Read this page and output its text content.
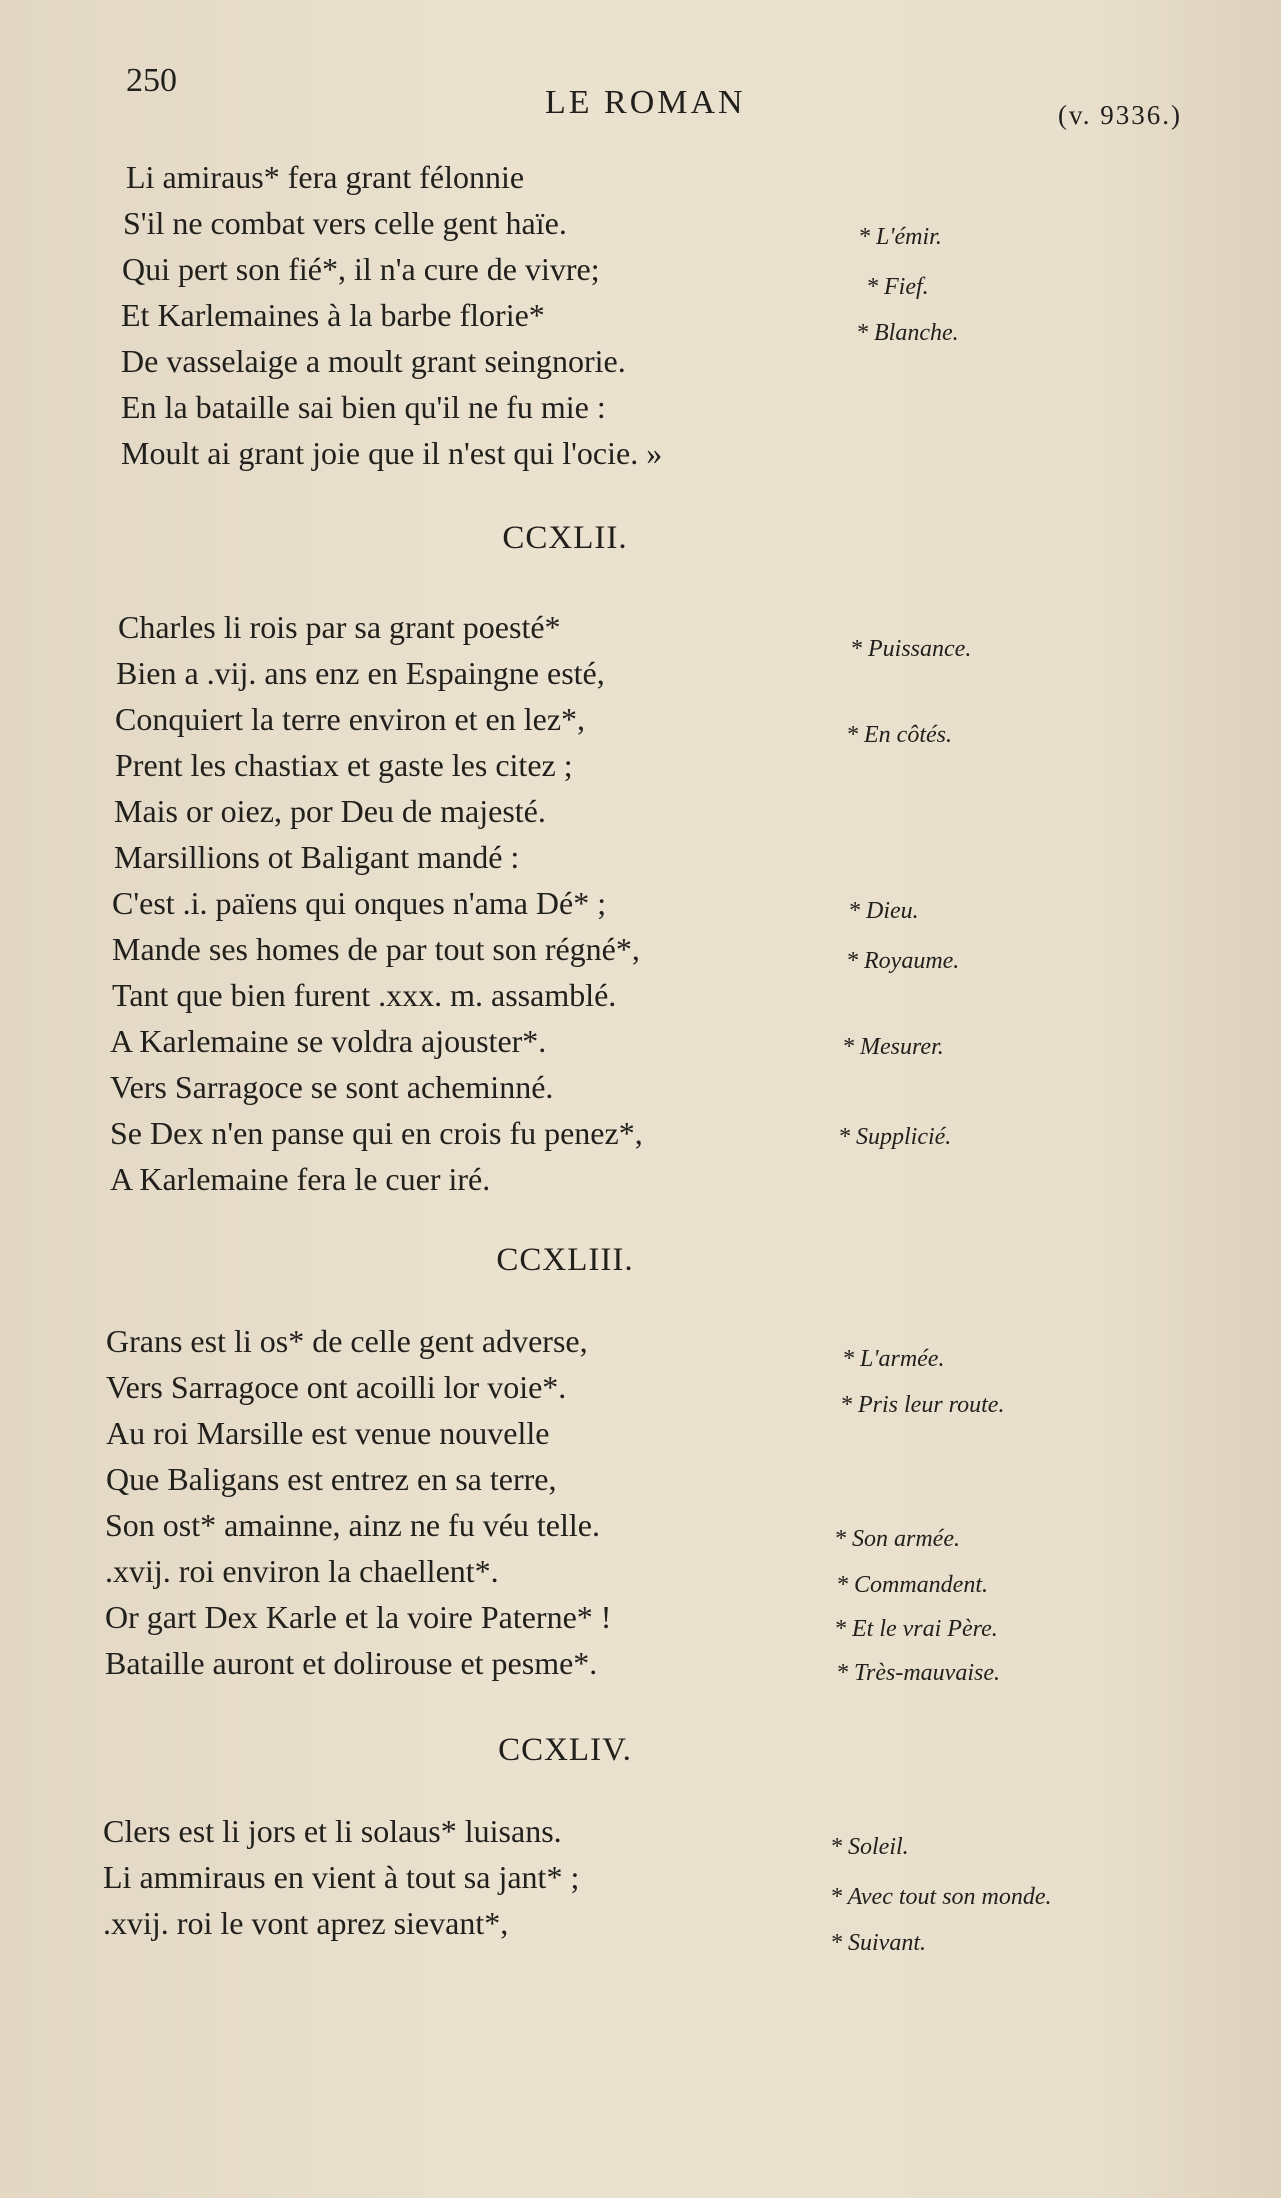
250
LE ROMAN	(v. 9336.)
Li amiraus* fera grant félonnie
S'il ne combat vers celle gent haïe.
Qui pert son fié*, il n'a cure de vivre;
Et Karlemaines à la barbe florie*
De vasselaige a moult grant seingnorie.
En la bataille sai bien qu'il ne fu mie :
Moult ai grant joie que il n'est qui l'ocie. »
* L'émir.
* Fief.
* Blanche.
CCXLII.
Charles li rois par sa grant poesté*
Bien a .vij. ans enz en Espaingne esté,
Conquiert la terre environ et en lez*,
Prent les chastiax et gaste les citez ;
Mais or oiez, por Deu de majesté.
Marsillions ot Baligant mandé :
C'est .i. païens qui onques n'ama Dé* ;
Mande ses homes de par tout son régné*,
Tant que bien furent .xxx. m. assamblé.
A Karlemaine se voldra ajouster*.
Vers Sarragoce se sont acheminné.
Se Dex n'en panse qui en crois fu penez*,
A Karlemaine fera le cuer iré.
* Puissance.
* En côtés.
* Dieu.
* Royaume.
* Mesurer.
* Supplicié.
CCXLIII.
Grans est li os* de celle gent adverse,
Vers Sarragoce ont acoilli lor voie*.
Au roi Marsille est venue nouvelle
Que Baligans est entrez en sa terre,
Son ost* amainne, ainz ne fu véu telle.
.xvij. roi environ la chaellent*.
Or gart Dex Karle et la voire Paterne* !
Bataille auront et dolirouse et pesme*.
* L'armée.
* Pris leur route.
* Son armée.
* Commandent.
* Et le vrai Père.
* Très-mauvaise.
CCXLIV.
Clers est li jors et li solaus* luisans.
Li ammiraus en vient à tout sa jant* ;
.xvij. roi le vont aprez sievant*,
* Soleil.
* Avec tout son monde.
* Suivant.
